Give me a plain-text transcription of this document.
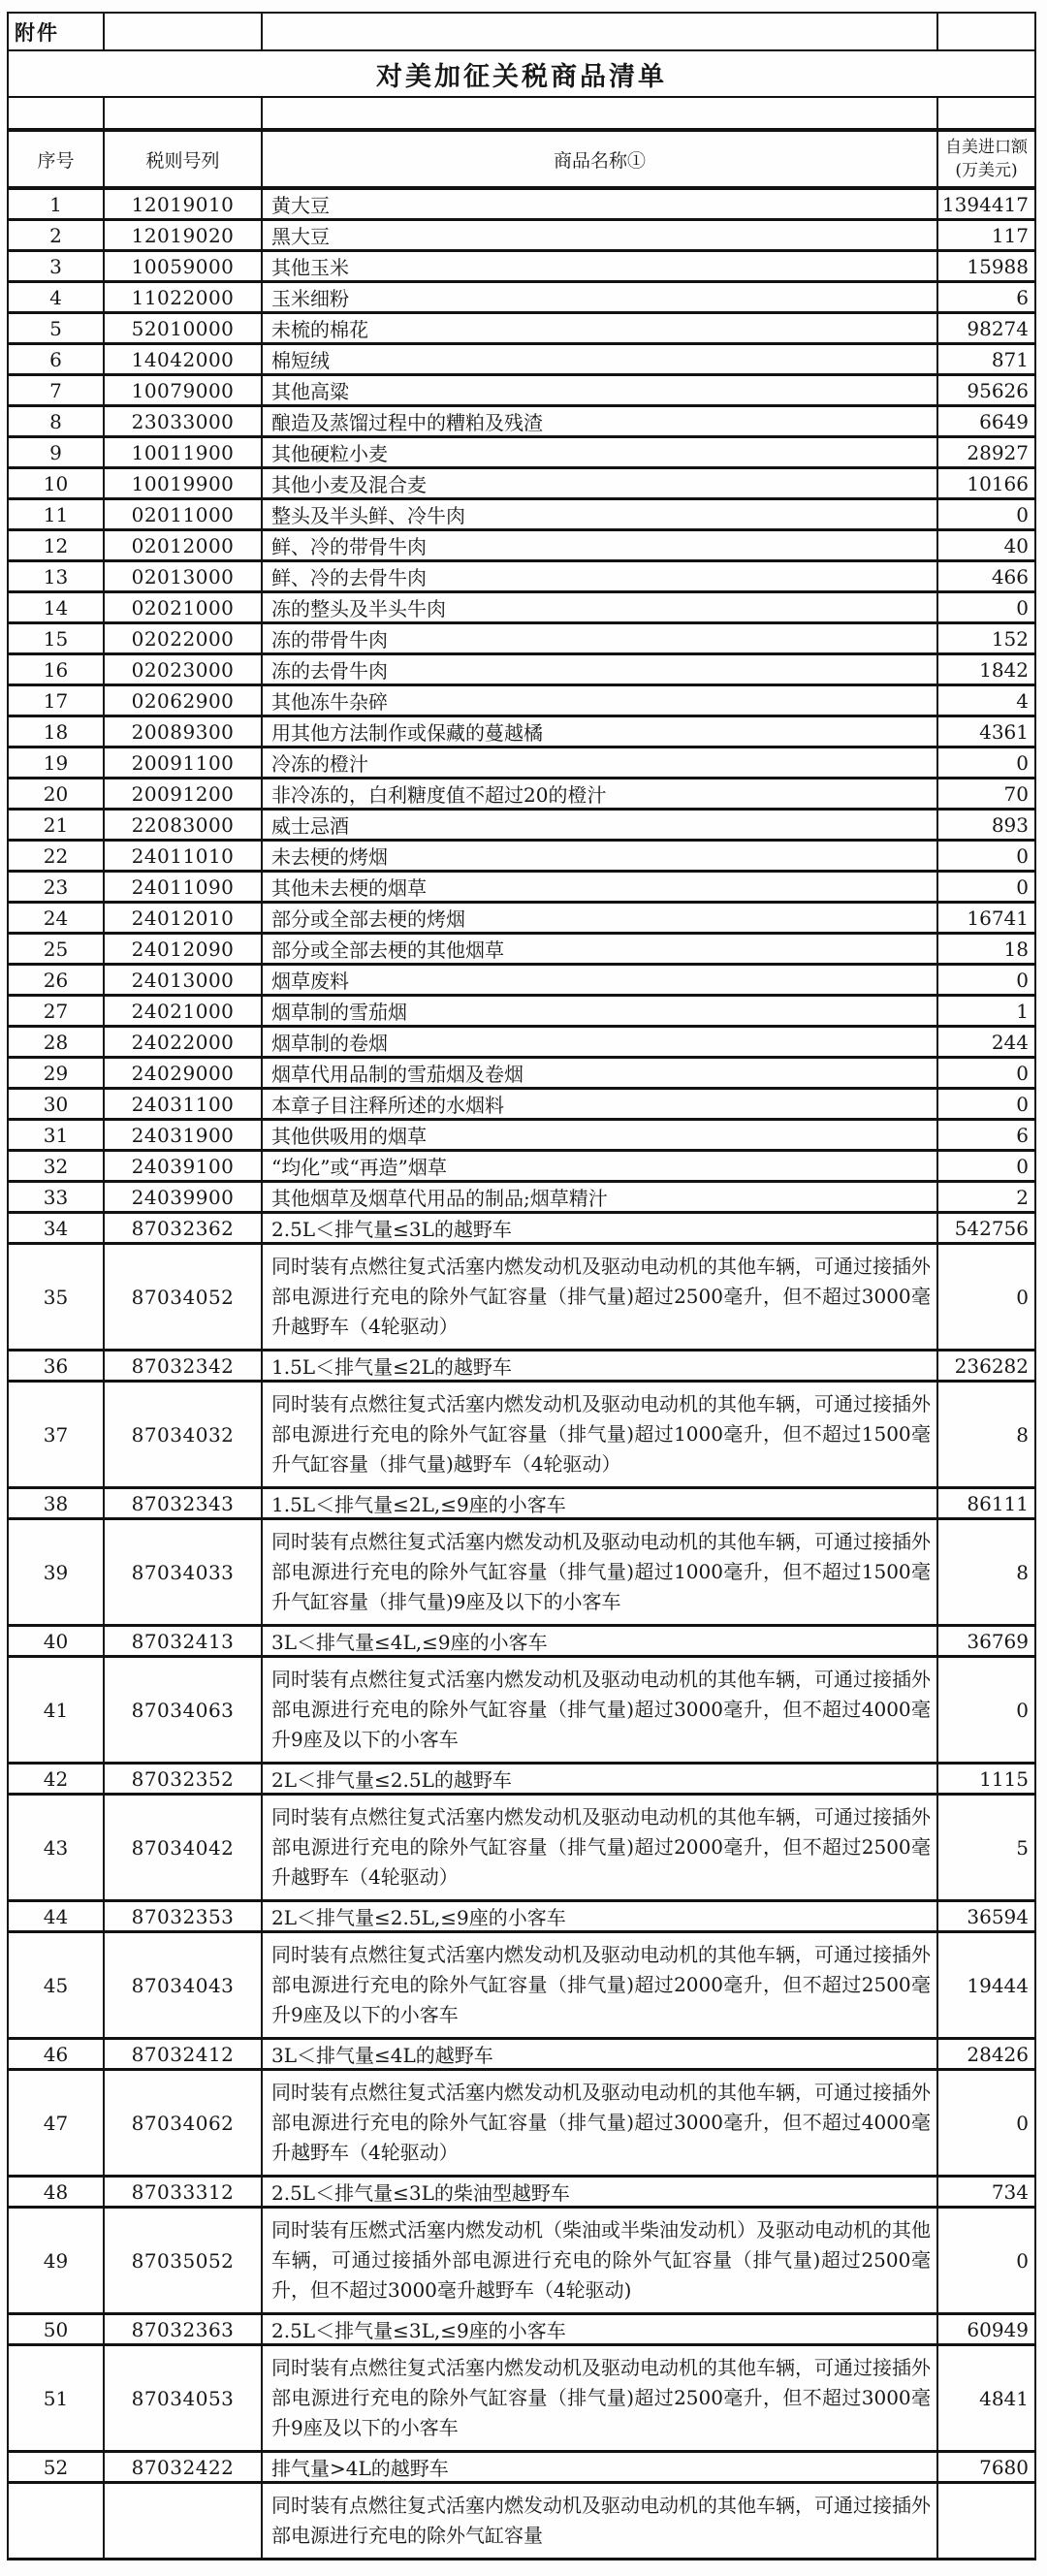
附件			
对美加征关税商品清单			

序号	税则号列	商品名称①	自美进口额
(万美元)

1	12019010	黄大豆	1394417
2	12019020	黑大豆	117
3	10059000	其他玉米	15988
4	11022000	玉米细粉	6
5	52010000	未梳的棉花	98274
6	14042000	棉短绒	871
7	10079000	其他高粱	95626
8	23033000	酿造及蒸馏过程中的糟粕及残渣	6649
9	10011900	其他硬粒小麦	28927
10	10019900	其他小麦及混合麦	10166
11	02011000	整头及半头鲜、冷牛肉	0
12	02012000	鲜、冷的带骨牛肉	40
13	02013000	鲜、冷的去骨牛肉	466
14	02021000	冻的整头及半头牛肉	0
15	02022000	冻的带骨牛肉	152
16	02023000	冻的去骨牛肉	1842
17	02062900	其他冻牛杂碎	4
18	20089300	用其他方法制作或保藏的蔓越橘	4361
19	20091100	冷冻的橙汁	0
20	20091200	非冷冻的，白利糖度值不超过20的橙汁	70
21	22083000	威士忌酒	893
22	24011010	未去梗的烤烟	0
23	24011090	其他未去梗的烟草	0
24	24012010	部分或全部去梗的烤烟	16741
25	24012090	部分或全部去梗的其他烟草	18
26	24013000	烟草废料	0
27	24021000	烟草制的雪茄烟	1
28	24022000	烟草制的卷烟	244
29	24029000	烟草代用品制的雪茄烟及卷烟	0
30	24031100	本章子目注释所述的水烟料	0
31	24031900	其他供吸用的烟草	6
32	24039100	“均化”或“再造”烟草	0
33	24039900	其他烟草及烟草代用品的制品;烟草精汁	2
34	87032362	2.5L＜排气量≤3L的越野车	542756
35	87034052	同时装有点燃往复式活塞内燃发动机及驱动电动机的其他车辆，可通过接插外部电源进行充电的除外气缸容量（排气量)超过2500毫升，但不超过3000毫升越野车（4轮驱动）	0
36	87032342	1.5L＜排气量≤2L的越野车	236282
37	87034032	同时装有点燃往复式活塞内燃发动机及驱动电动机的其他车辆，可通过接插外部电源进行充电的除外气缸容量（排气量)超过1000毫升，但不超过1500毫升气缸容量（排气量)越野车（4轮驱动）	8
38	87032343	1.5L＜排气量≤2L,≤9座的小客车	86111
39	87034033	同时装有点燃往复式活塞内燃发动机及驱动电动机的其他车辆，可通过接插外部电源进行充电的除外气缸容量（排气量)超过1000毫升，但不超过1500毫升气缸容量（排气量)9座及以下的小客车	8
40	87032413	3L＜排气量≤4L,≤9座的小客车	36769
41	87034063	同时装有点燃往复式活塞内燃发动机及驱动电动机的其他车辆，可通过接插外部电源进行充电的除外气缸容量（排气量)超过3000毫升，但不超过4000毫升9座及以下的小客车	0
42	87032352	2L＜排气量≤2.5L的越野车	1115
43	87034042	同时装有点燃往复式活塞内燃发动机及驱动电动机的其他车辆，可通过接插外部电源进行充电的除外气缸容量（排气量)超过2000毫升，但不超过2500毫升越野车（4轮驱动）	5
44	87032353	2L＜排气量≤2.5L,≤9座的小客车	36594
45	87034043	同时装有点燃往复式活塞内燃发动机及驱动电动机的其他车辆，可通过接插外部电源进行充电的除外气缸容量（排气量)超过2000毫升，但不超过2500毫升9座及以下的小客车	19444
46	87032412	3L＜排气量≤4L的越野车	28426
47	87034062	同时装有点燃往复式活塞内燃发动机及驱动电动机的其他车辆，可通过接插外部电源进行充电的除外气缸容量（排气量)超过3000毫升，但不超过4000毫升越野车（4轮驱动）	0
48	87033312	2.5L＜排气量≤3L的柴油型越野车	734
49	87035052	同时装有压燃式活塞内燃发动机（柴油或半柴油发动机）及驱动电动机的其他车辆，可通过接插外部电源进行充电的除外气缸容量（排气量)超过2500毫升，但不超过3000毫升越野车（4轮驱动)	0
50	87032363	2.5L＜排气量≤3L,≤9座的小客车	60949
51	87034053	同时装有点燃往复式活塞内燃发动机及驱动电动机的其他车辆，可通过接插外部电源进行充电的除外气缸容量（排气量)超过2500毫升，但不超过3000毫升9座及以下的小客车	4841
52	87032422	排气量>4L的越野车	7680
		同时装有点燃往复式活塞内燃发动机及驱动电动机的其他车辆，可通过接插外部电源进行充电的除外气缸容量	
